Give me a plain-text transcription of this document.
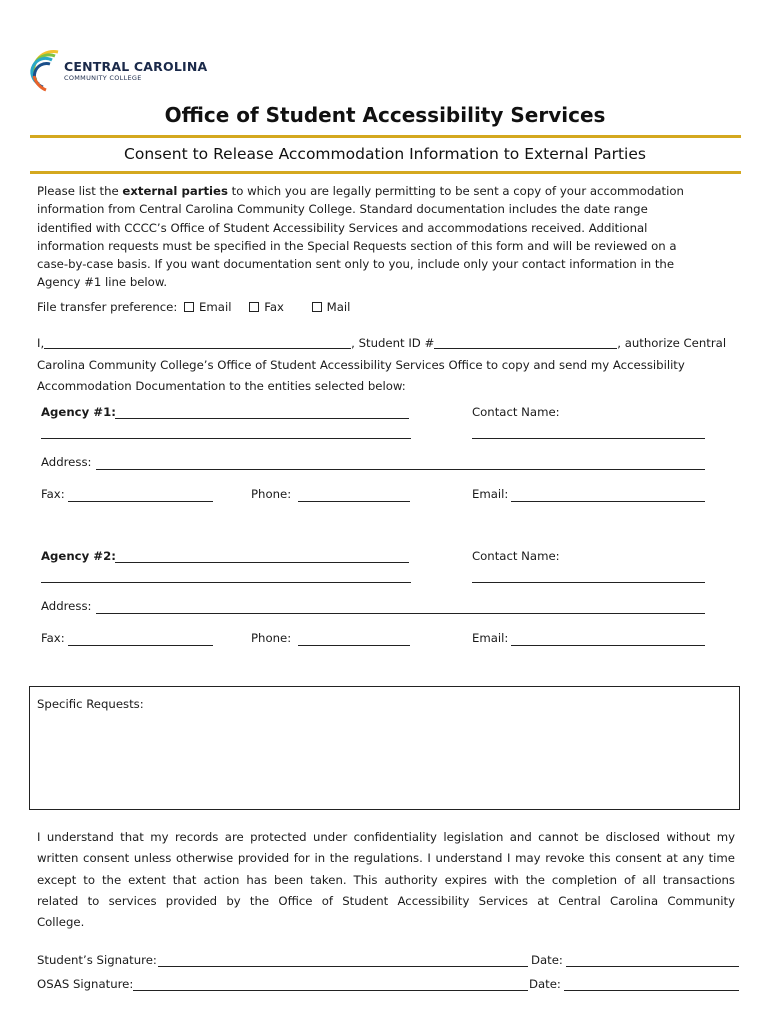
CENTRAL CAROLINA
COMMUNITY COLLEGE
Office of Student Accessibility Services
Consent to Release Accommodation Information to External Parties
Please list the external parties to which you are legally permitting to be sent a copy of your accommodation
information from Central Carolina Community College. Standard documentation includes the date range
identified with CCCC’s Office of Student Accessibility Services and accommodations received. Additional
information requests must be specified in the Special Requests section of this form and will be reviewed on a
case-by-case basis. If you want documentation sent only to you, include only your contact information in the
Agency #1 line below.
File transfer preference: Email	Fax	Mail
I,	, Student ID #	, authorize Central
Carolina Community College’s Office of Student Accessibility Services Office to copy and send my Accessibility
Accommodation Documentation to the entities selected below:
Agency #1:	Contact Name:
Address:
Fax:	Phone:	Email:
Agency #2:	Contact Name:
Address:
Fax:	Phone:	Email:
Specific Requests:
I understand that my records are protected under confidentiality legislation and cannot be disclosed without my
written consent unless otherwise provided for in the regulations. I understand I may revoke this consent at any time
except to the extent that action has been taken. This authority expires with the completion of all transactions
related to services provided by the Office of Student Accessibility Services at Central Carolina Community
College.
Student’s Signature:	Date:
OSAS Signature:	Date:
